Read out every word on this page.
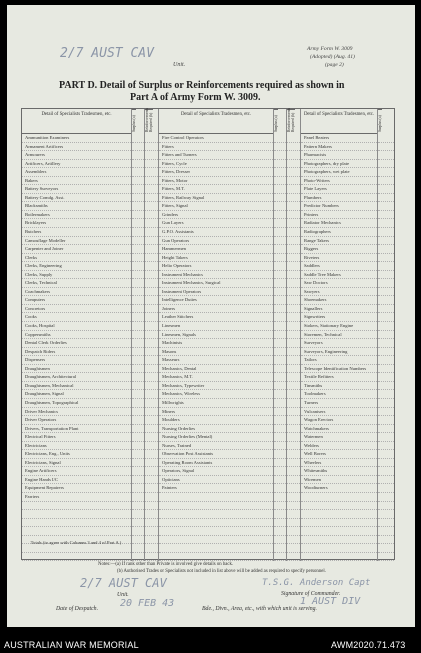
2/7 AUST CAV
Unit.
Army Form W. 3009
(Adopted) (Aug. 41)
(page 2)
PART D. Detail of Surplus or Reinforcements required as shown in
Part A of Army Form W. 3009.
Detail of Specialists Tradesmen, etc.
Ammunition Examiners
Armament Artificers
Armourers
Artificers, Artillery
Assemblers
Bakers
Battery Surveyors
Battery Comdg. Asst.
Blacksmiths
Boilermakers
Bricklayers
Butchers
Camouflage Modeller
Carpenter and Joiner
Clerks
Clerks, Engineering
Clerks, Supply
Clerks, Technical
Coachmakers
Computers
Concretors
Cooks
Cooks, Hospital
Coppersmiths
Dental Clerk Orderlies
Despatch Riders
Dispensers
Draughtsmen
Draughtsmen, Architectural
Draughtsmen, Mechanical
Draughtsmen, Signal
Draughtsmen, Topographical
Driver Mechanics
Driver Operators
Drivers, Transportation Plant
Electrical Fitters
Electricians
Electricians, Eng., Units
Electricians, Signal
Engine Artificers
Engine Hands I/C
Equipment Repairers
Farriers
Surplus (a) Reinforcements Required (b)	Detail of Specialists Tradesmen, etc.
Fire Control Operators
Fitters
Fitters and Turners
Fitters, Cycle
Fitters, Dresser
Fitters, Motor
Fitters, M.T.
Fitters, Railway Signal
Fitters, Signal
Grinders
Gun Layers
G.P.O. Assistants
Gun Operators
Hammermen
Height Takers
Helio Operators
Instrument Mechanics
Instrument Mechanics, Surgical
Instrument Operators
Intelligence Duties
Joiners
Leather Stitchers
Linesmen
Linesmen, Signals
Machinists
Masons
Masseurs
Mechanics, Dental
Mechanics, M.T.
Mechanics, Typewriter
Mechanics, Wireless
Millwrights
Miners
Moulders
Nursing Orderlies
Nursing Orderlies (Mental)
Nurses, Trained
Observation Post Assistants
Operating Room Assistants
Operators, Signal
Opticians
Painters
Surplus (a) Reinforcements Required (b)	Detail of Specialists Tradesmen, etc.
Panel Beaters
Pattern Makers
Pharmacists
Photographers, dry plate
Photographers, wet plate
Photo-Writers
Plate Layers
Plumbers
Predictor Numbers
Printers
Radiator Mechanics
Radiographers
Range Takers
Riggers
Riveters
Saddlers
Saddle Tree Makers
Saw Doctors
Sawyers
Shoemakers
Signallers
Signwriters
Stokers, Stationary Engine
Storemen, Technical
Surveyors
Surveyors, Engineering
Tailors
Telescope Identification Numbers
Textile Refitters
Tinsmiths
Toolmakers
Turners
Vulcanisers
Wagon Erectors
Watchmakers
Watermen
Welders
Well Borers
Wheelers
Whitesmiths
Wiremen
Woodturners
Surplus (a)
Totals (to agree with Columns 3 and 4 of Part A.)
Notes:—(a) If rank other than Private is involved give details on back.
(b) Authorised Trades or Specialists not included in list above will be added as required to specify personnel.
2/7 AUST CAV
Unit.
T.S.G. Anderson Capt
Signature of Commander.
Date of Despatch. 20 FEB 43	1 AUST DIV
Bde., Divn., Area, etc., with which unit is serving.
AUSTRALIAN WAR MEMORIAL	AWM2020.71.473
